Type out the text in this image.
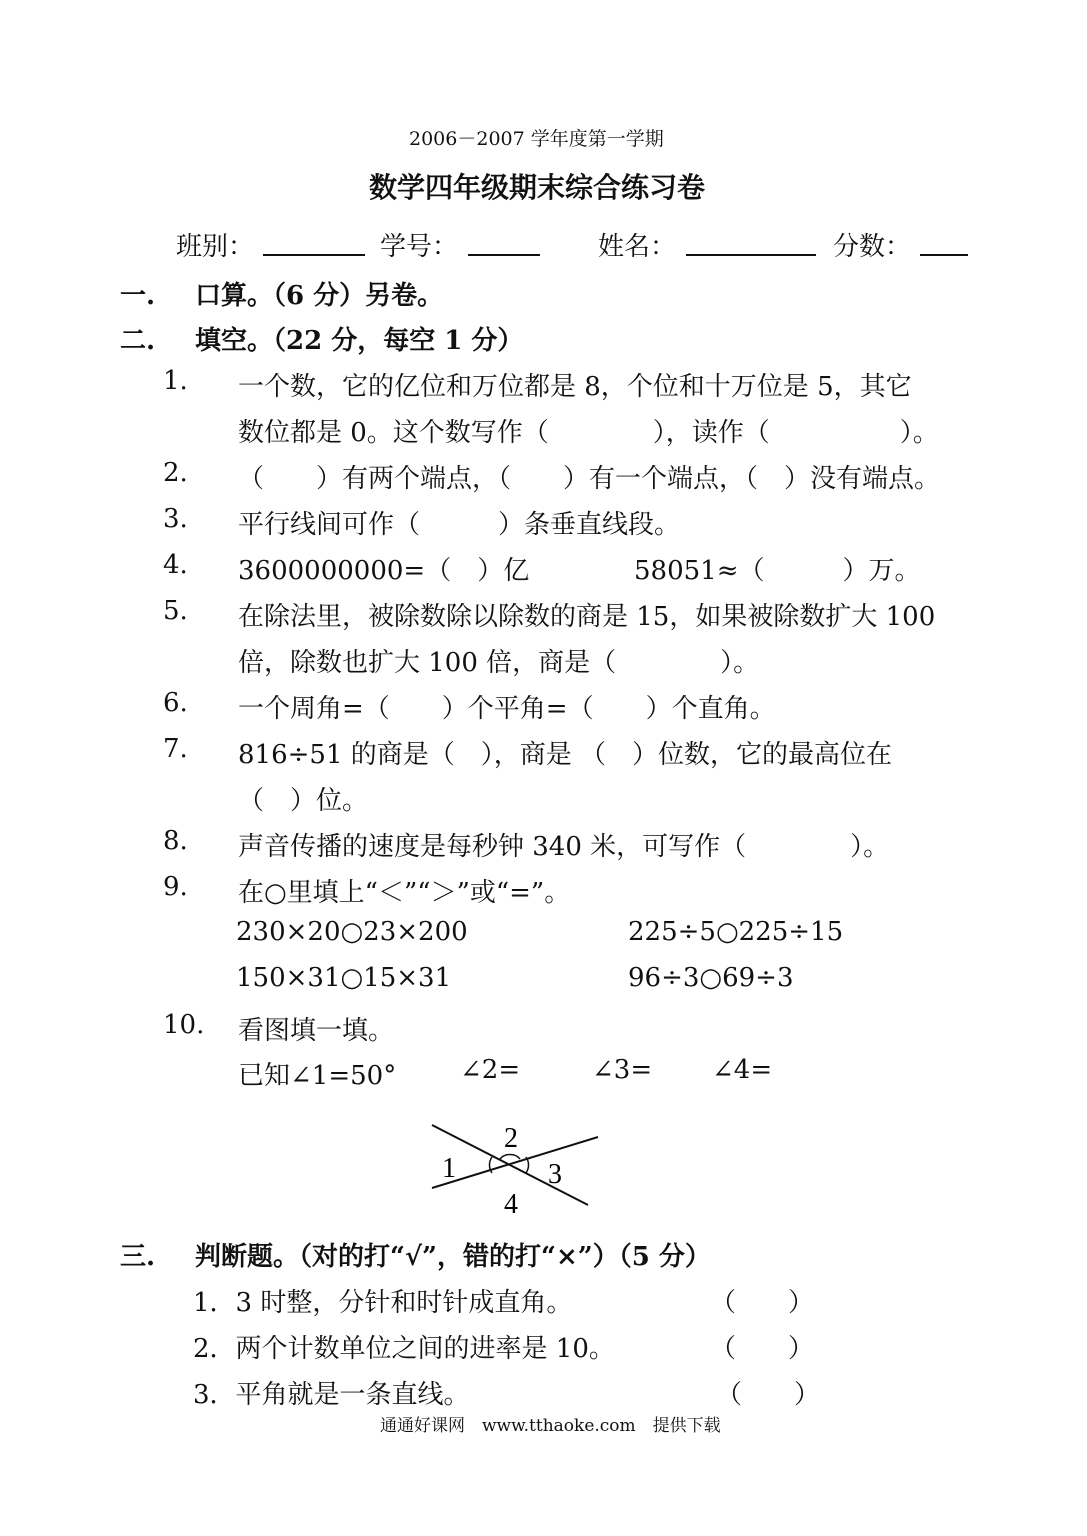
2006－2007 学年度第一学期
数学四年级期末综合练习卷
班别：	学号：	姓名：	分数：
一. 口算。（6 分）另卷。
二. 填空。（22 分，每空 1 分）
1. 一个数，它的亿位和万位都是 8，个位和十万位是 5，其它
数位都是 0。这个数写作（　　　　），读作（　　　　　）。
2. （　　）有两个端点，（　　）有一个端点，（　）没有端点。
3. 平行线间可作（　　　）条垂直线段。
4. 3600000000=（　）亿	58051≈（　　　）万。
5. 在除法里，被除数除以除数的商是 15，如果被除数扩大 100
倍，除数也扩大 100 倍，商是（　　　　）。
6. 一个周角=（　　）个平角=（　　）个直角。
7. 816÷51 的商是（　），商是 （　）位数，它的最高位在
（　）位。
8. 声音传播的速度是每秒钟 340 米，可写作（　　　　）。
9. 在○里填上“＜”“＞”或“=”。
230×20○23×200	225÷5○225÷15
150×31○15×31	96÷3○69÷3
10. 看图填一填。
已知∠1=50° ∠2=	∠3= ∠4=
1
2
3
4
三. 判断题。（对的打“√”，错的打“×”）（5 分）
1．3 时整，分针和时针成直角。	（　　）
2．两个计数单位之间的进率是 10。	（　　）
3．平角就是一条直线。	（　　）
通通好课网　www.tthaoke.com　提供下载
